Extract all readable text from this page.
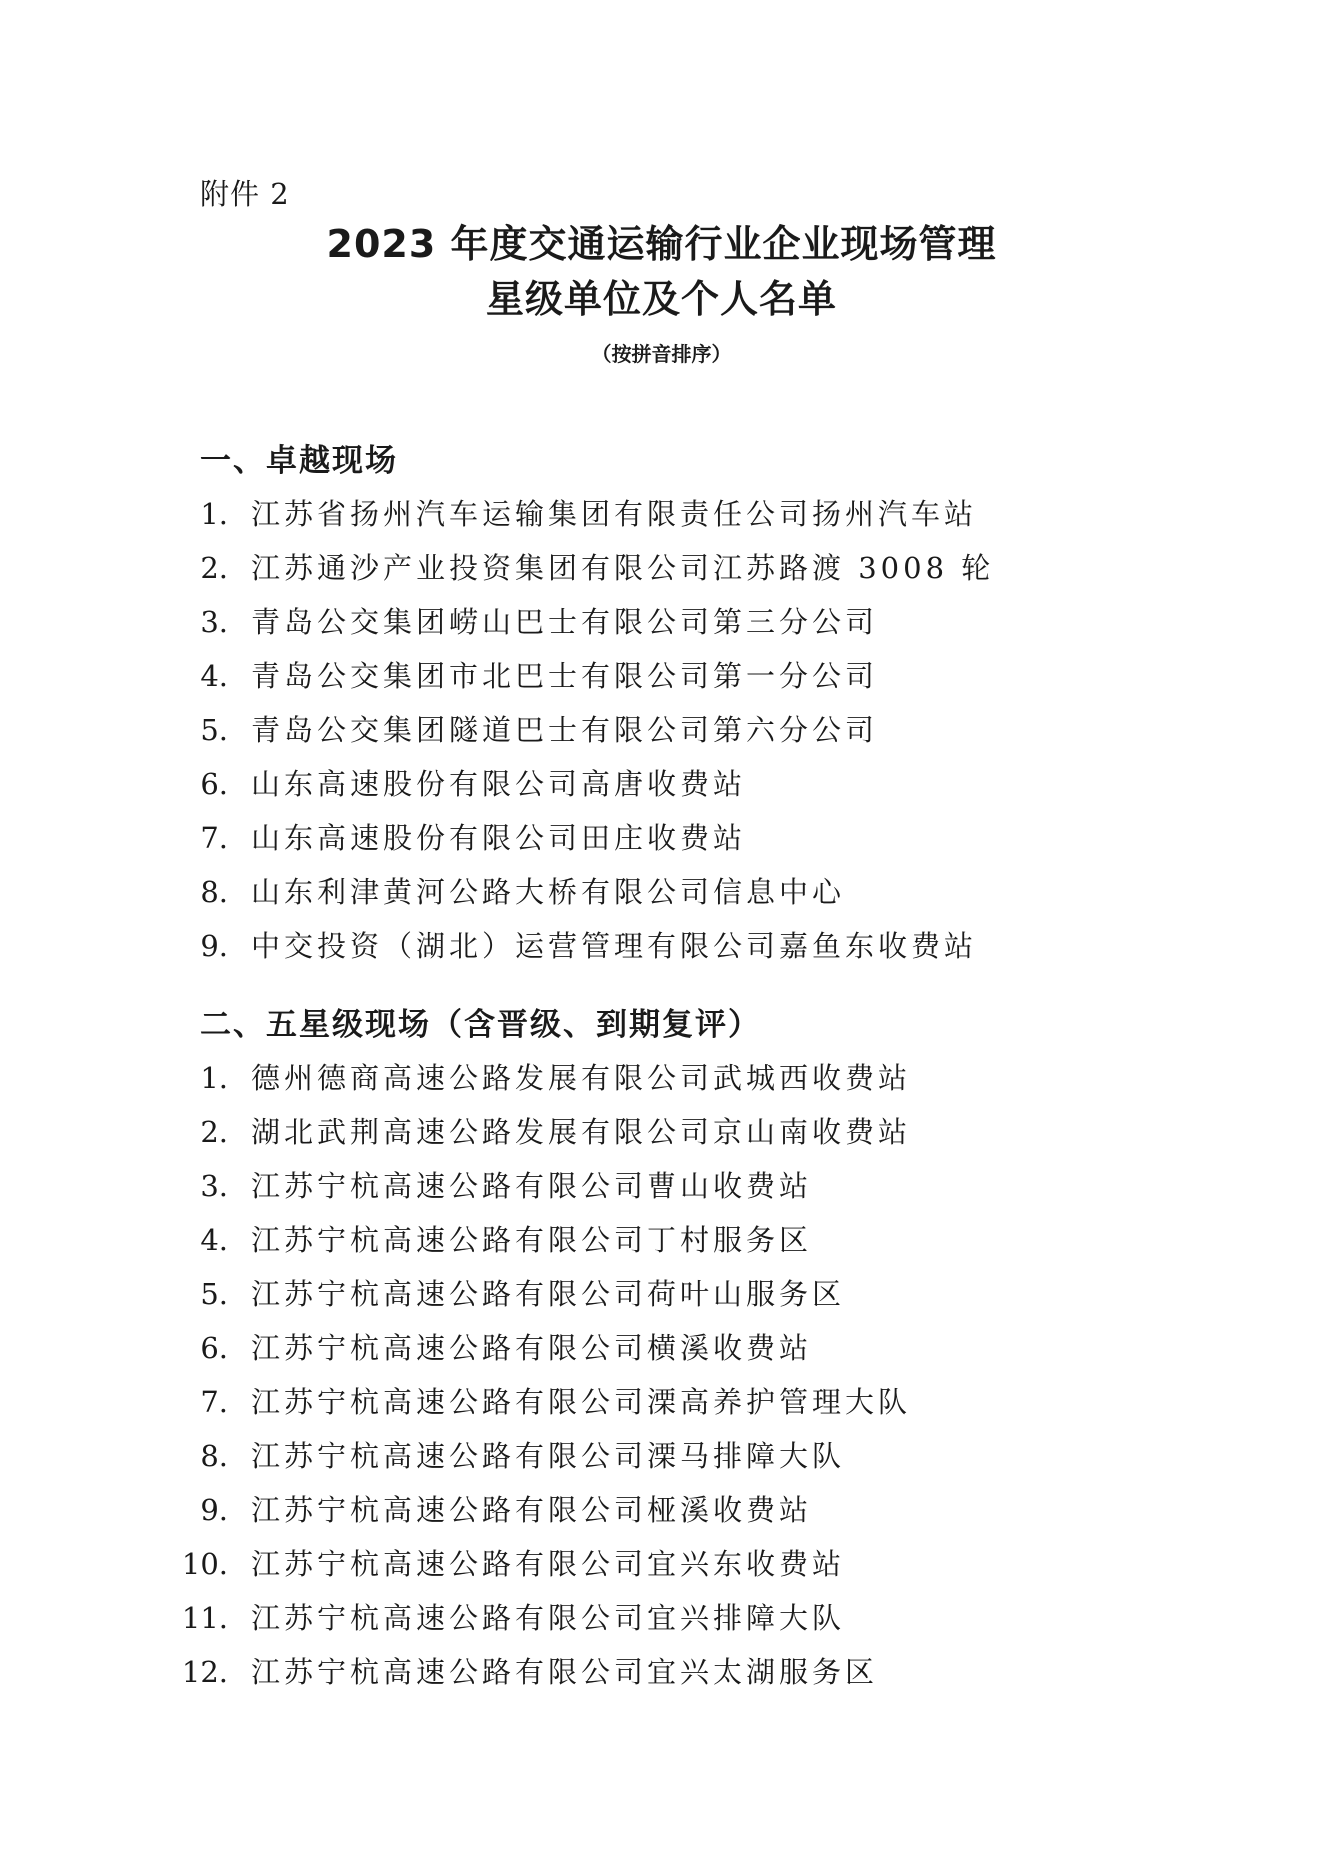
附件 2
2023 年度交通运输行业企业现场管理
星级单位及个人名单
（按拼音排序）
一、卓越现场
1. 江苏省扬州汽车运输集团有限责任公司扬州汽车站
2. 江苏通沙产业投资集团有限公司江苏路渡 3008 轮
3. 青岛公交集团崂山巴士有限公司第三分公司
4. 青岛公交集团市北巴士有限公司第一分公司
5. 青岛公交集团隧道巴士有限公司第六分公司
6. 山东高速股份有限公司高唐收费站
7. 山东高速股份有限公司田庄收费站
8. 山东利津黄河公路大桥有限公司信息中心
9. 中交投资（湖北）运营管理有限公司嘉鱼东收费站
二、五星级现场（含晋级、到期复评）
1. 德州德商高速公路发展有限公司武城西收费站
2. 湖北武荆高速公路发展有限公司京山南收费站
3. 江苏宁杭高速公路有限公司曹山收费站
4. 江苏宁杭高速公路有限公司丁村服务区
5. 江苏宁杭高速公路有限公司荷叶山服务区
6. 江苏宁杭高速公路有限公司横溪收费站
7. 江苏宁杭高速公路有限公司溧高养护管理大队
8. 江苏宁杭高速公路有限公司溧马排障大队
9. 江苏宁杭高速公路有限公司桠溪收费站
10. 江苏宁杭高速公路有限公司宜兴东收费站
11. 江苏宁杭高速公路有限公司宜兴排障大队
12. 江苏宁杭高速公路有限公司宜兴太湖服务区
